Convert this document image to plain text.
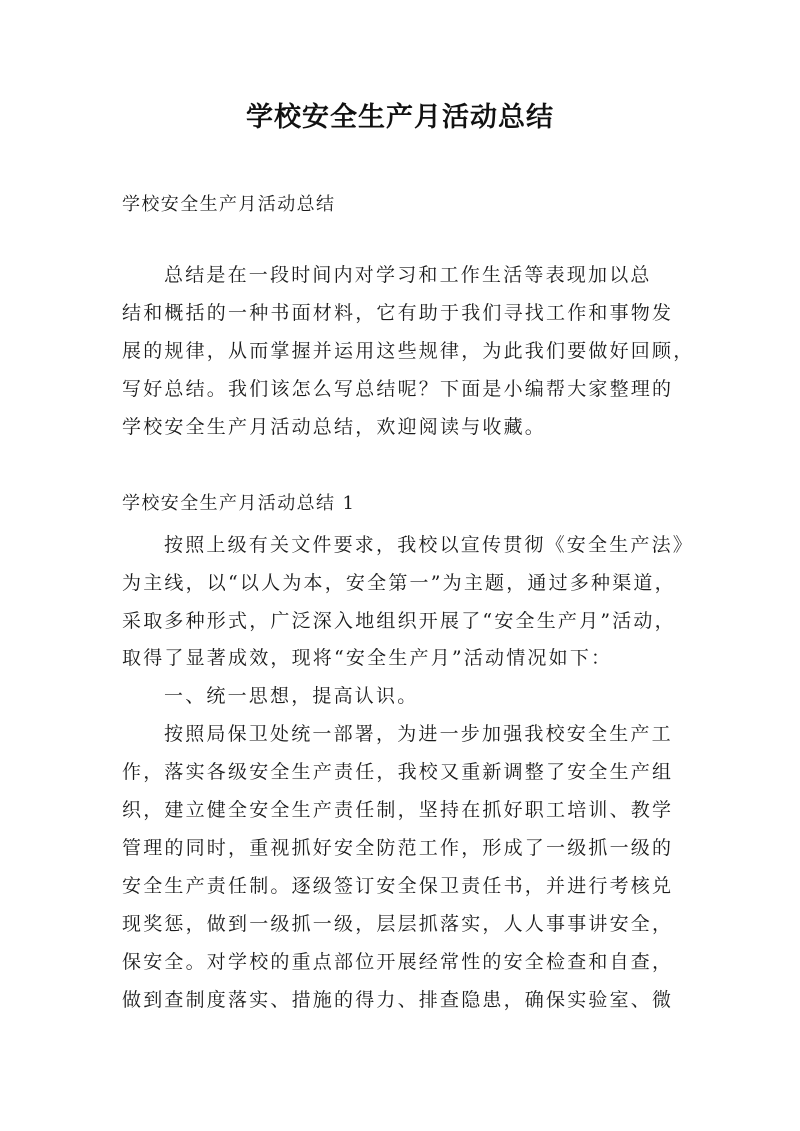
学校安全生产月活动总结
学校安全生产月活动总结
总结是在一段时间内对学习和工作生活等表现加以总
结和概括的一种书面材料，它有助于我们寻找工作和事物发
展的规律，从而掌握并运用这些规律，为此我们要做好回顾，
写好总结。我们该怎么写总结呢？下面是小编帮大家整理的
学校安全生产月活动总结，欢迎阅读与收藏。
学校安全生产月活动总结 1
按照上级有关文件要求，我校以宣传贯彻《安全生产法》
为主线，以“以人为本，安全第一”为主题，通过多种渠道，
采取多种形式，广泛深入地组织开展了“安全生产月”活动，
取得了显著成效，现将“安全生产月”活动情况如下：
一、统一思想，提高认识。
按照局保卫处统一部署，为进一步加强我校安全生产工
作，落实各级安全生产责任，我校又重新调整了安全生产组
织，建立健全安全生产责任制，坚持在抓好职工培训、教学
管理的同时，重视抓好安全防范工作，形成了一级抓一级的
安全生产责任制。逐级签订安全保卫责任书，并进行考核兑
现奖惩，做到一级抓一级，层层抓落实，人人事事讲安全，
保安全。对学校的重点部位开展经常性的安全检查和自查，
做到查制度落实、措施的得力、排查隐患，确保实验室、微
